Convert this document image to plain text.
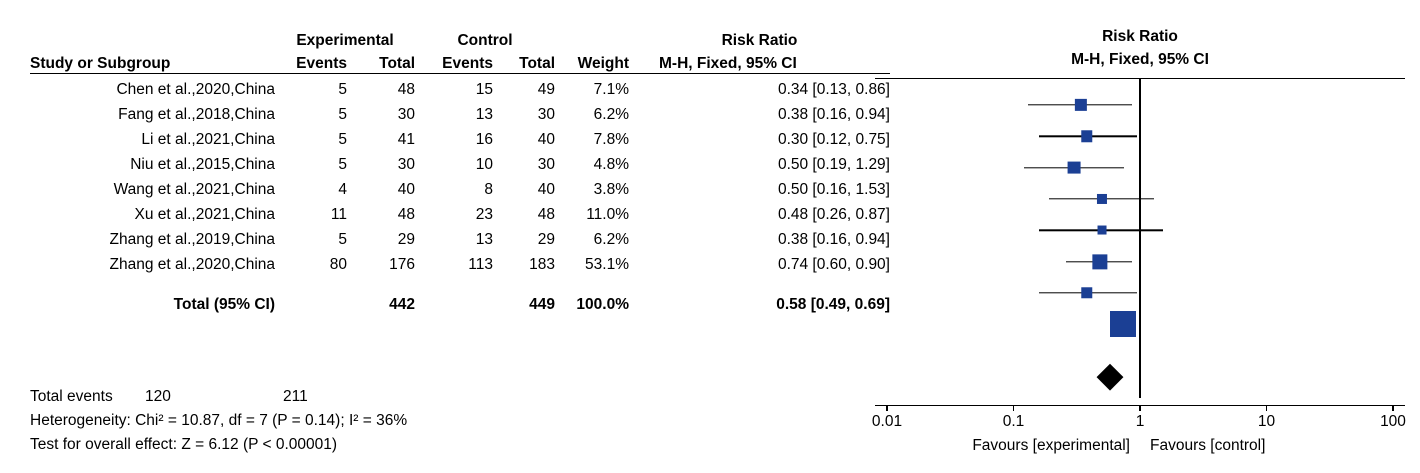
	Experimental		Control			Risk Ratio
Study or Subgroup	Events	Total	Events	Total	Weight	M-H, Fixed, 95% CI
Chen et al.,2020,China	5	48	15	49	7.1%	0.34 [0.13, 0.86]
Fang et al.,2018,China	5	30	13	30	6.2%	0.38 [0.16, 0.94]
Li et al.,2021,China	5	41	16	40	7.8%	0.30 [0.12, 0.75]
Niu et al.,2015,China	5	30	10	30	4.8%	0.50 [0.19, 1.29]
Wang et al.,2021,China	4	40	8	40	3.8%	0.50 [0.16, 1.53]
Xu et al.,2021,China	11	48	23	48	11.0%	0.48 [0.26, 0.87]
Zhang et al.,2019,China	5	29	13	29	6.2%	0.38 [0.16, 0.94]
Zhang et al.,2020,China	80	176	113	183	53.1%	0.74 [0.60, 0.90]

Total (95% CI)		442		449	100.0%	0.58 [0.49, 0.69]
Total events 120	211
Heterogeneity: Chi² = 10.87, df = 7 (P = 0.14); I² = 36%
Test for overall effect: Z = 6.12 (P < 0.00001)
Risk Ratio
M-H, Fixed, 95% CI
Favours [experimental] Favours [control]
0.01	0.1	1	10	100
